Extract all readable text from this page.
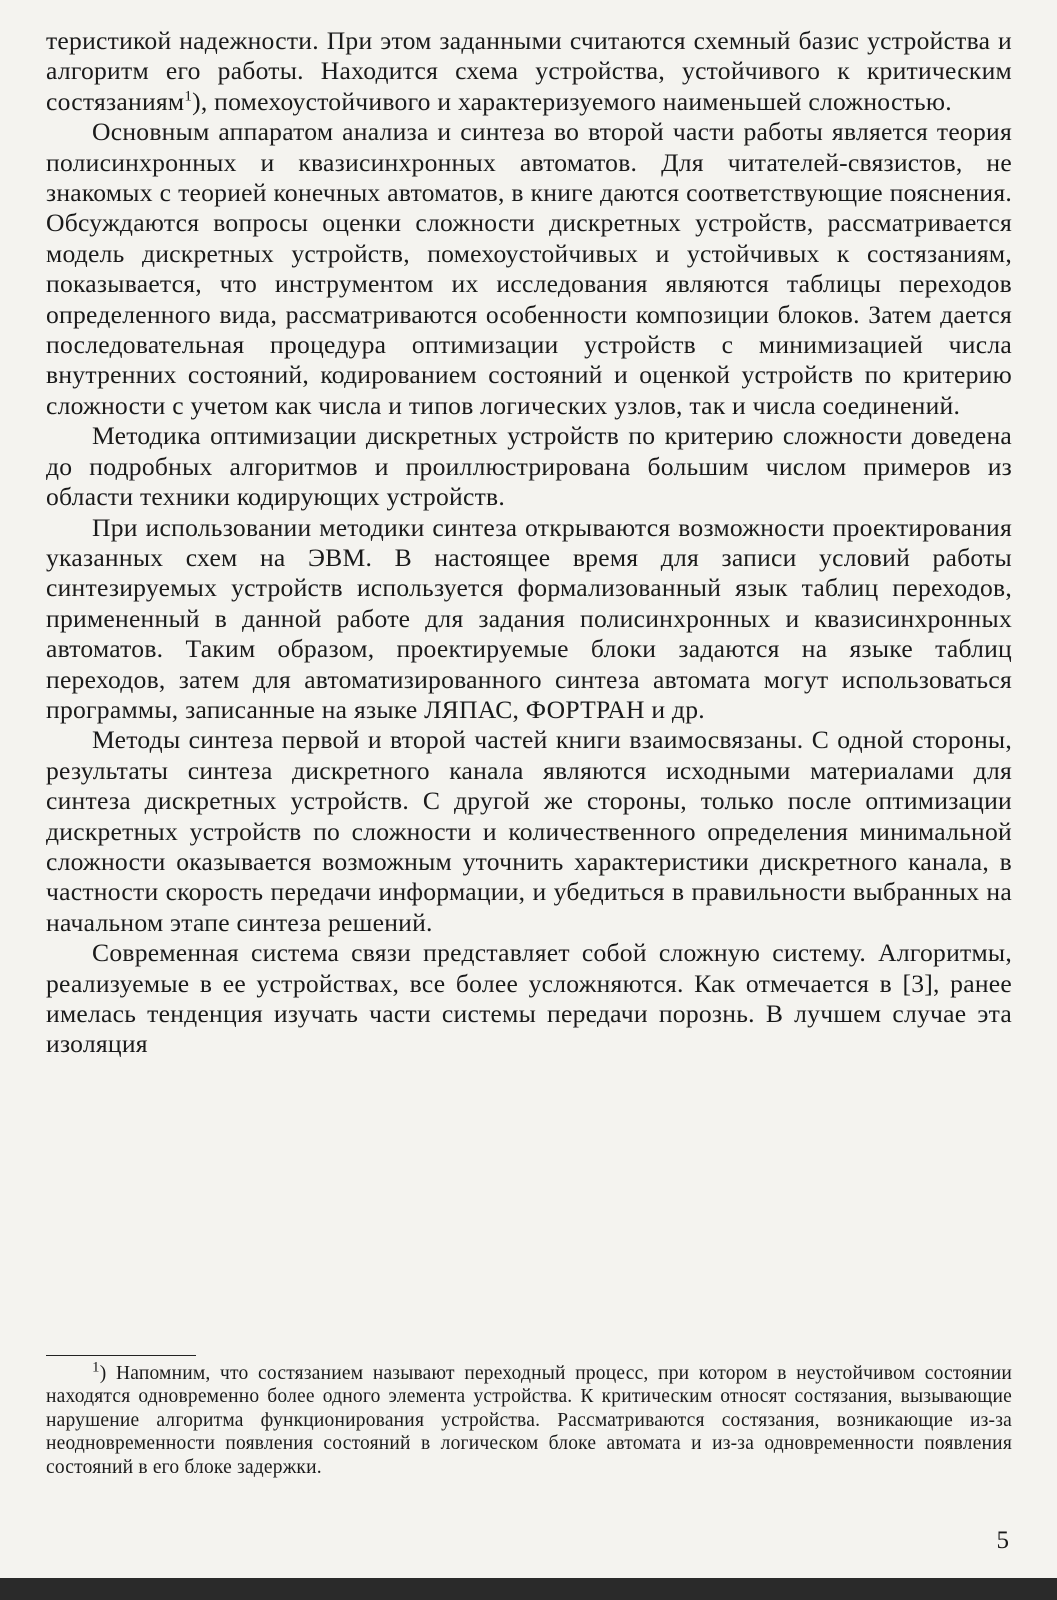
теристикой надежности. При этом заданными считаются схемный базис устройства и алгоритм его работы. Находится схема устройства, устойчивого к критическим состязаниям$^1$), помехоустойчивого и характеризуемого наименьшей сложностью.

Основным аппаратом анализа и синтеза во второй части работы является теория полисинхронных и квазисинхронных автоматов. Для читателей-связистов, не знакомых с теорией конечных автоматов, в книге даются соответствующие пояснения. Обсуждаются вопросы оценки сложности дискретных устройств, рассматривается модель дискретных устройств, помехоустойчивых и устойчивых к состязаниям, показывается, что инструментом их исследования являются таблицы переходов определенного вида, рассматриваются особенности композиции блоков. Затем дается последовательная процедура оптимизации устройств с минимизацией числа внутренних состояний, кодированием состояний и оценкой устройств по критерию сложности с учетом как числа и типов логических узлов, так и числа соединений.

Методика оптимизации дискретных устройств по критерию сложности доведена до подробных алгоритмов и проиллюстрирована большим числом примеров из области техники кодирующих устройств.

При использовании методики синтеза открываются возможности проектирования указанных схем на ЭВМ. В настоящее время для записи условий работы синтезируемых устройств используется формализованный язык таблиц переходов, примененный в данной работе для задания полисинхронных и квазисинхронных автоматов. Таким образом, проектируемые блоки задаются на языке таблиц переходов, затем для автоматизированного синтеза автомата могут использоваться программы, записанные на языке ЛЯПАС, ФОРТРАН и др.

Методы синтеза первой и второй частей книги взаимосвязаны. С одной стороны, результаты синтеза дискретного канала являются исходными материалами для синтеза дискретных устройств. С другой же стороны, только после оптимизации дискретных устройств по сложности и количественного определения минимальной сложности оказывается возможным уточнить характеристики дискретного канала, в частности скорость передачи информации, и убедиться в правильности выбранных на начальном этапе синтеза решений.

Современная система связи представляет собой сложную систему. Алгоритмы, реализуемые в ее устройствах, все более усложняются. Как отмечается в [3], ранее имелась тенденция изучать части системы передачи порознь. В лучшем случае эта изоляция

$^1$) Напомним, что состязанием называют переходный процесс, при котором в неустойчивом состоянии находятся одновременно более одного элемента устройства. К критическим относят состязания, вызывающие нарушение алгоритма функционирования устройства. Рассматриваются состязания, возникающие из-за неодновременности появления состояний в логическом блоке автомата и из-за одновременности появления состояний в его блоке задержки.

5
